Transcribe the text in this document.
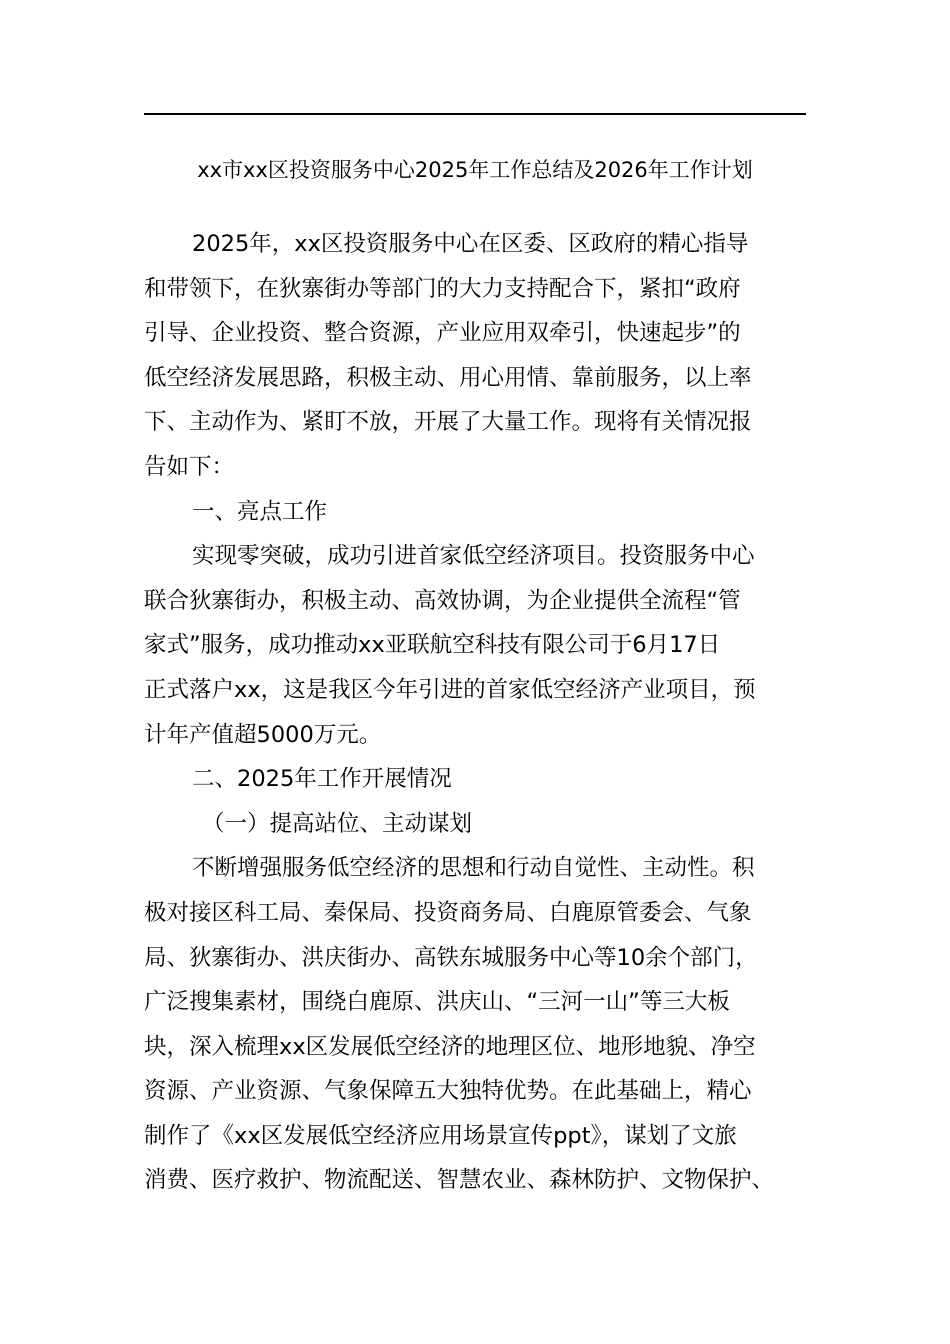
xx市xx区投资服务中心2025年工作总结及2026年工作计划
2025年，xx区投资服务中心在区委、区政府的精心指导
和带领下，在狄寨街办等部门的大力支持配合下，紧扣“政府
引导、企业投资、整合资源，产业应用双牵引，快速起步”的
低空经济发展思路，积极主动、用心用情、靠前服务，以上率
下、主动作为、紧盯不放，开展了大量工作。现将有关情况报
告如下：
一、亮点工作
实现零突破，成功引进首家低空经济项目。投资服务中心
联合狄寨街办，积极主动、高效协调，为企业提供全流程“管
家式”服务，成功推动xx亚联航空科技有限公司于6月17日
正式落户xx，这是我区今年引进的首家低空经济产业项目，预
计年产值超5000万元。
二、2025年工作开展情况
（一）提高站位、主动谋划
不断增强服务低空经济的思想和行动自觉性、主动性。积
极对接区科工局、秦保局、投资商务局、白鹿原管委会、气象
局、狄寨街办、洪庆街办、高铁东城服务中心等10余个部门，
广泛搜集素材，围绕白鹿原、洪庆山、“三河一山”等三大板
块，深入梳理xx区发展低空经济的地理区位、地形地貌、净空
资源、产业资源、气象保障五大独特优势。在此基础上，精心
制作了《xx区发展低空经济应用场景宣传ppt》，谋划了文旅
消费、医疗救护、物流配送、智慧农业、森林防护、文物保护、
